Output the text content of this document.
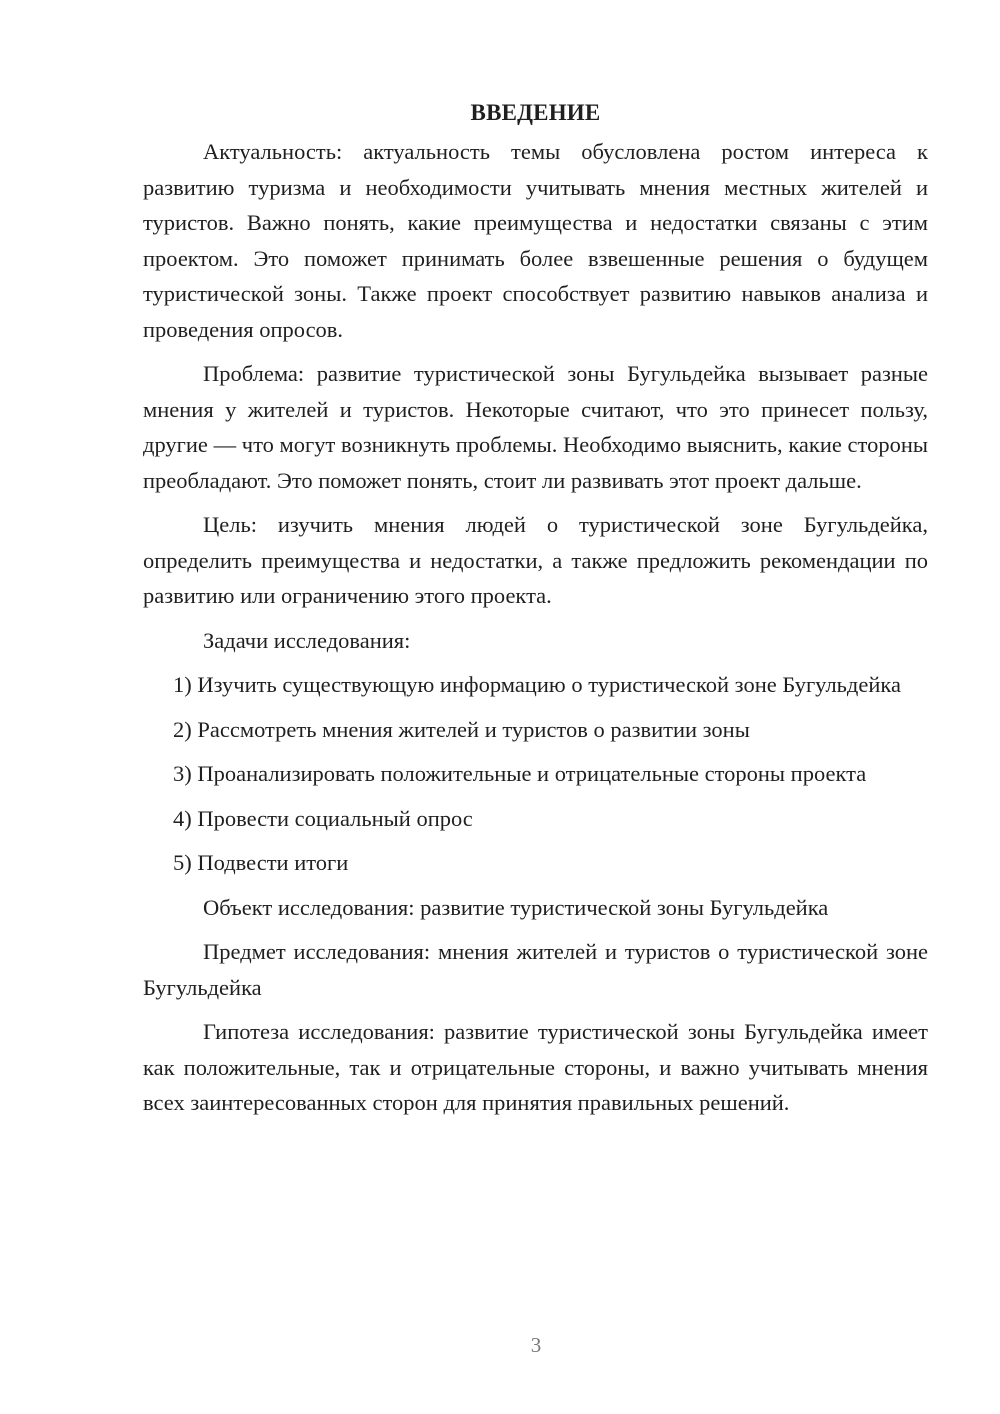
ВВЕДЕНИЕ

Актуальность: актуальность темы обусловлена ростом интереса к развитию туризма и необходимости учитывать мнения местных жителей и туристов. Важно понять, какие преимущества и недостатки связаны с этим проектом. Это поможет принимать более взвешенные решения о будущем туристической зоны. Также проект способствует развитию навыков анализа и проведения опросов.

Проблема: развитие туристической зоны Бугульдейка вызывает разные мнения у жителей и туристов. Некоторые считают, что это принесет пользу, другие — что могут возникнуть проблемы. Необходимо выяснить, какие стороны преобладают. Это поможет понять, стоит ли развивать этот проект дальше.

Цель: изучить мнения людей о туристической зоне Бугульдейка, определить преимущества и недостатки, а также предложить рекомендации по развитию или ограничению этого проекта.

Задачи исследования:

1) Изучить существующую информацию о туристической зоне Бугульдейка

2) Рассмотреть мнения жителей и туристов о развитии зоны

3) Проанализировать положительные и отрицательные стороны проекта

4) Провести социальный опрос

5) Подвести итоги

Объект исследования: развитие туристической зоны Бугульдейка

Предмет исследования: мнения жителей и туристов о туристической зоне Бугульдейка

Гипотеза исследования: развитие туристической зоны Бугульдейка имеет как положительные, так и отрицательные стороны, и важно учитывать мнения всех заинтересованных сторон для принятия правильных решений.

3
